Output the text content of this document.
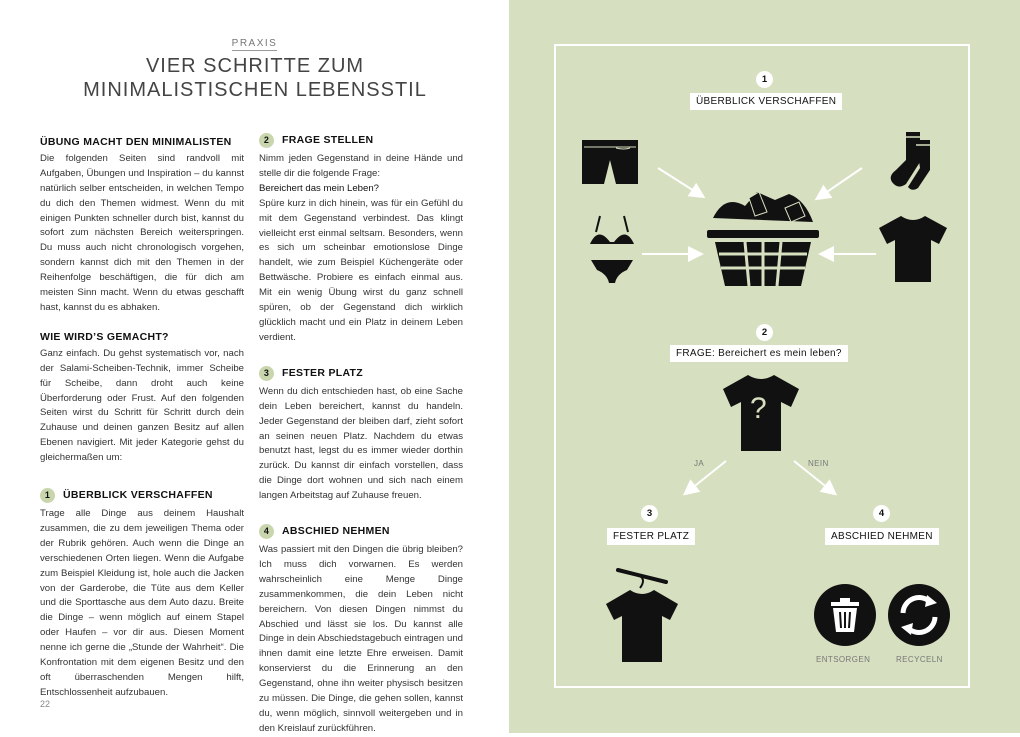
PRAXIS
VIER SCHRITTE ZUM
MINIMALISTISCHEN LEBENSSTIL
ÜBUNG MACHT DEN MINIMALISTEN

Die folgenden Seiten sind randvoll mit Aufgaben, Übungen und Inspiration – du kannst natürlich selber entscheiden, in welchen Tempo du dich den Themen widmest. Wenn du mit einigen Punkten schneller durch bist, kannst du sofort zum nächsten Bereich weiterspringen. Du muss auch nicht chronologisch vorgehen, sondern kannst dich mit den Themen in der Reihenfolge beschäftigen, die für dich am meisten Sinn macht. Wenn du etwas geschafft hast, kannst du es abhaken.

WIE WIRD’S GEMACHT?

Ganz einfach. Du gehst systematisch vor, nach der Salami-Scheiben-Technik, immer Scheibe für Scheibe, dann droht auch keine Überforderung oder Frust. Auf den folgenden Seiten wirst du Schritt für Schritt durch dein Zuhause und deinen ganzen Besitz auf allen Ebenen navigiert. Mit jeder Kategorie gehst du gleichermaßen um:

1	ÜBERBLICK VERSCHAFFEN

Trage alle Dinge aus deinem Haushalt zusammen, die zu dem jeweiligen Thema oder der Rubrik gehören. Auch wenn die Dinge an verschiedenen Orten liegen. Wenn die Aufgabe zum Beispiel Kleidung ist, hole auch die Jacken von der Garderobe, die Tüte aus dem Keller und die Sporttasche aus dem Auto dazu. Breite die Dinge – wenn möglich auf einem Stapel oder Haufen – vor dir aus. Diesen Moment nenne ich gerne die „Stunde der Wahrheit“. Die Konfrontation mit dem eigenen Besitz und den oft überraschenden Mengen hilft, Entschlossenheit aufzubauen.

2	FRAGE STELLEN

Nimm jeden Gegenstand in deine Hände und stelle dir die folgende Frage:

Bereichert das mein Leben?

Spüre kurz in dich hinein, was für ein Gefühl du mit dem Gegenstand verbindest. Das klingt vielleicht erst einmal seltsam. Besonders, wenn es sich um scheinbar emotionslose Dinge handelt, wie zum Beispiel Küchengeräte oder Bettwäsche. Probiere es einfach einmal aus. Mit ein wenig Übung wirst du ganz schnell spüren, ob der Gegenstand dich wirklich glücklich macht und ein Platz in deinem Leben verdient.

3	FESTER PLATZ

Wenn du dich entschieden hast, ob eine Sache dein Leben bereichert, kannst du handeln. Jeder Gegenstand der bleiben darf, zieht sofort an seinen neuen Platz. Nachdem du etwas benutzt hast, legst du es immer wieder dorthin zurück. Du kannst dir einfach vorstellen, dass die Dinge dort wohnen und sich nach einem langen Arbeitstag auf Zuhause freuen.

4	ABSCHIED NEHMEN

Was passiert mit den Dingen die übrig bleiben? Ich muss dich vorwarnen. Es werden wahrscheinlich eine Menge Dinge zusammenkommen, die dein Leben nicht bereichern. Von diesen Dingen nimmst du Abschied und lässt sie los. Du kannst alle Dinge in dein Abschiedstagebuch eintragen und ihnen damit eine letzte Ehre erweisen. Damit konservierst du die Erinnerung an den Gegenstand, ohne ihn weiter physisch besitzen zu müssen. Die Dinge, die gehen sollen, kannst du, wenn möglich, sinnvoll weitergeben und in den Kreislauf zurückführen.

22
1
ÜBERBLICK VERSCHAFFEN
2
FRAGE: Bereichert es mein leben?
?
JA	NEIN
3
FESTER PLATZ
4
ABSCHIED NEHMEN
ENTSORGEN	RECYCELN
